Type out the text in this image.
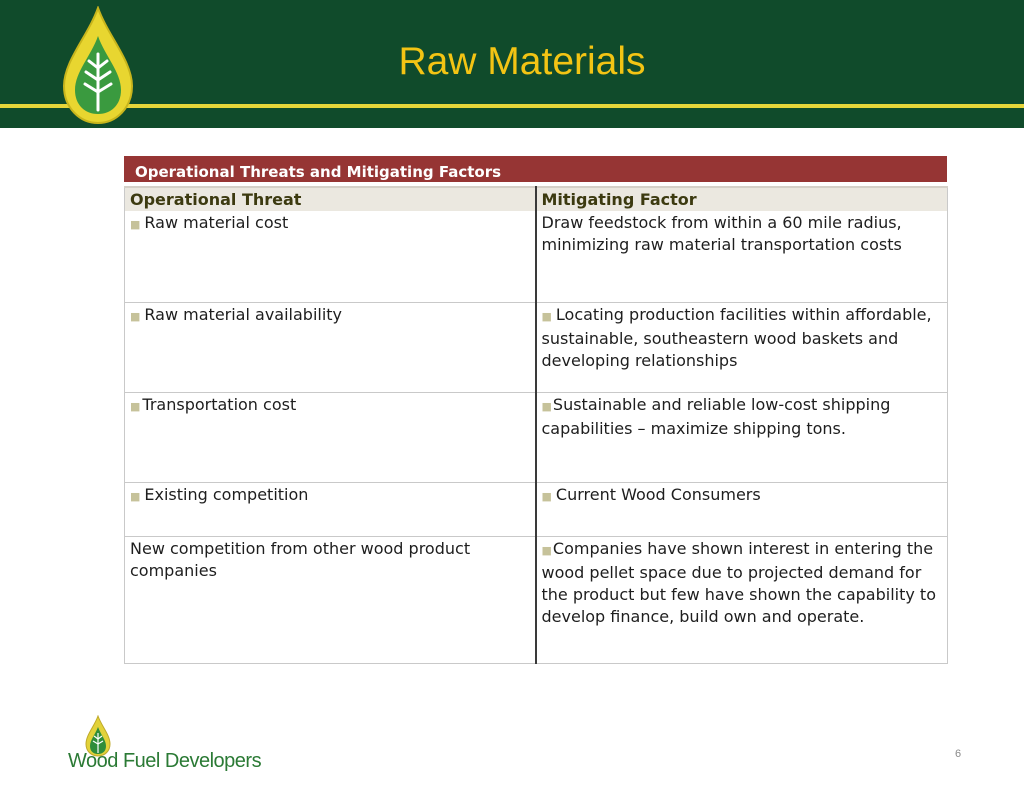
Raw Materials
Operational Threats and Mitigating Factors
Operational Threat	Mitigating Factor
■ Raw material cost	Draw feedstock from within a 60 mile radius, minimizing raw material transportation costs
■ Raw material availability	■ Locating production facilities within affordable, sustainable, southeastern wood baskets and developing relationships
■ Transportation cost	■Sustainable and reliable low-cost shipping capabilities – maximize shipping tons.
■ Existing competition	■ Current Wood Consumers
New competition from other wood product companies	■Companies have shown interest in entering the wood pellet space due to projected demand for the product but few have shown the capability to develop finance, build own and operate.
Wood Fuel Developers	6
